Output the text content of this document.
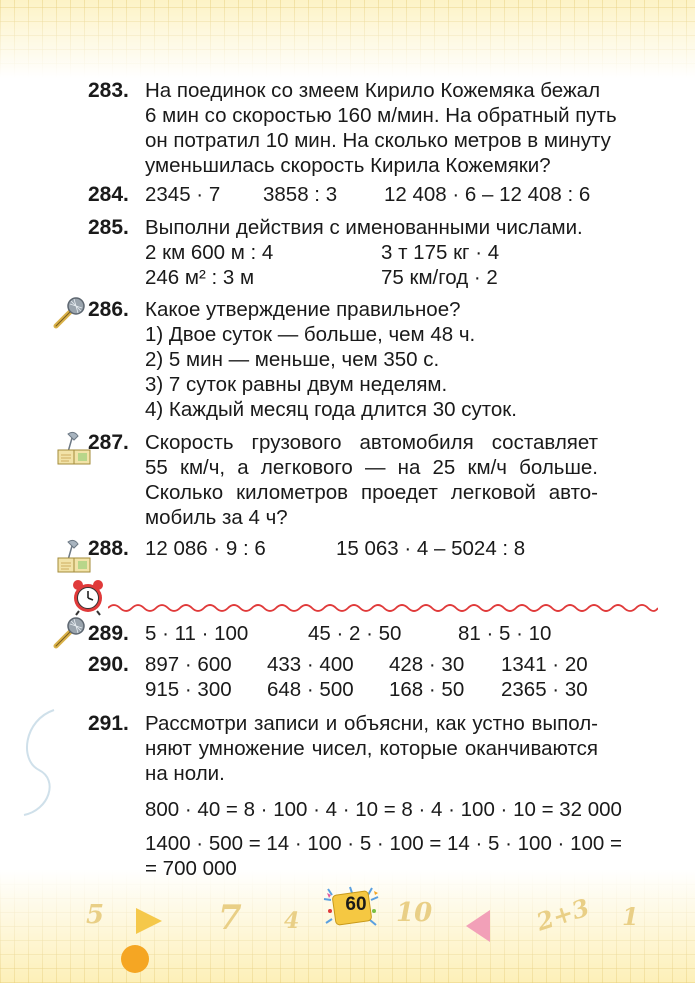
283. На поединок со змеем Кирило Кожемяка бежал
6 мин со скоростью 160 м/мин. На обратный путь
он потратил 10 мин. На сколько метров в минуту
уменьшилась скорость Кирила Кожемяки?
284. 2345 · 7 3858 : 3 12 408 · 6 – 12 408 : 6
285. Выполни действия с именованными числами.
2 км 600 м : 4	3 т 175 кг · 4
246 м² : 3 м	75 км/год · 2
286. Какое утверждение правильное?
1) Двое суток — больше, чем 48 ч.
2) 5 мин — меньше, чем 350 с.
3) 7 суток равны двум неделям.
4) Каждый месяц года длится 30 суток.
287. Скорость грузового автомобиля составляет
55 км/ч, а легкового — на 25 км/ч больше.
Сколько километров проедет легковой авто-
мобиль за 4 ч?
288. 12 086 · 9 : 6	15 063 · 4 – 5024 : 8
289. 5 · 11 · 100	45 · 2 · 50	81 · 5 · 10
290. 897 · 600 433 · 400 428 · 30 1341 · 20
915 · 300 648 · 500 168 · 50 2365 · 30
291. Рассмотри записи и объясни, как устно выпол-
няют умножение чисел, которые оканчиваются
на ноли.
800 · 40 = 8 · 100 · 4 · 10 = 8 · 4 · 100 · 10 = 32 000
1400 · 500 = 14 · 100 · 5 · 100 = 14 · 5 · 100 · 100 =
= 700 000
5	7 4	10	2+3 1
60
